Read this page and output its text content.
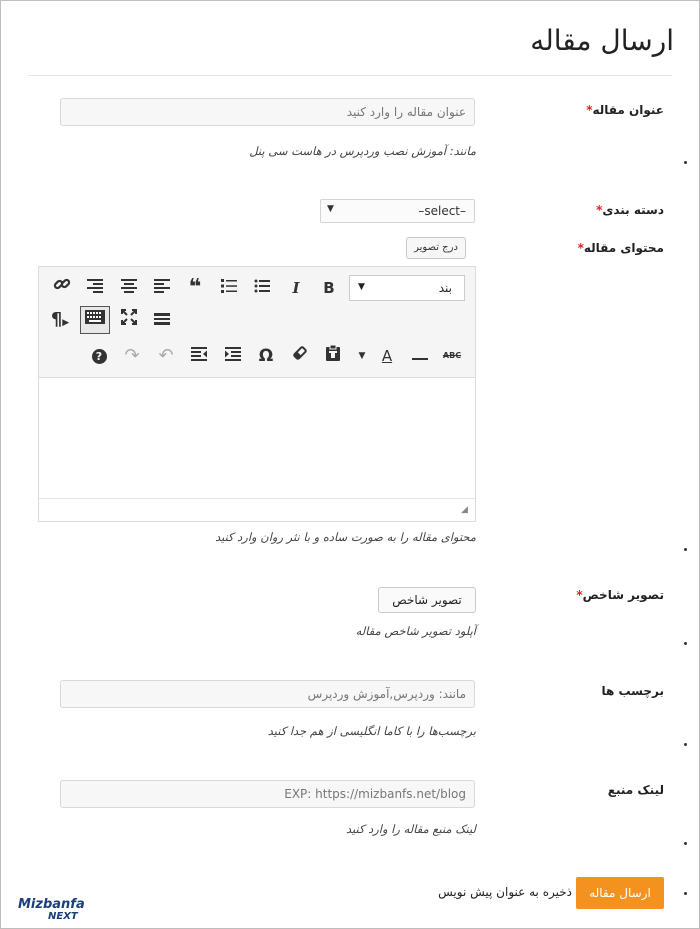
ارسال مقاله
عنوان مقاله*
عنوان مقاله را وارد کنید
مانند: آموزش نصب وردپرس در هاست سی پنل
دسته بندی*
–select–
▼
محتوای مقاله*
درج تصویر
بند
▼
B
I
❝
¶▶
ABC
A
▼
Ω
↶
↷
?
◢
محتوای مقاله را به صورت ساده و با نثر روان وارد کنید
تصویر شاخص*
تصویر شاخص
آپلود تصویر شاخص مقاله
برچسب ها
مانند: وردپرس,آموزش وردپرس
برچسب‌ها را با کاما انگلیسی از هم جدا کنید
لینک منبع
EXP: https://mizbanfs.net/blog
لینک منبع مقاله را وارد کنید
ارسال مقاله
ذخیره به عنوان پیش نویس
Mizbanfa
NEXT
